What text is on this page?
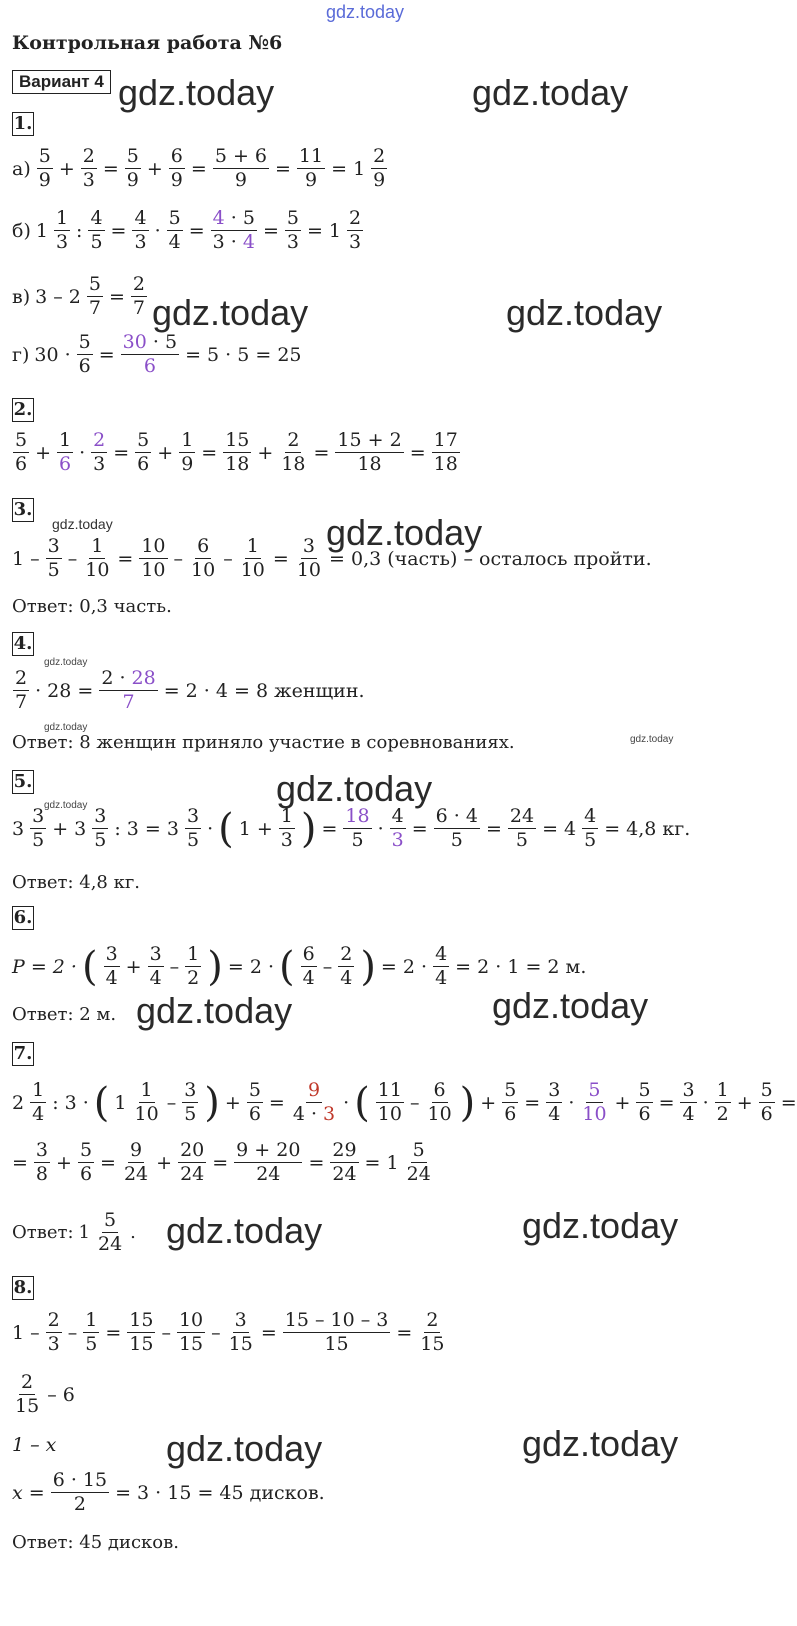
gdz.today
Контрольная работа №6
Вариант 4 gdz.today	gdz.today
gdz.today	gdz.today
gdz.today	gdz.today
gdz.today
gdz.today
gdz.today
gdz.today
gdz.today
gdz.today	gdz.today
gdz.today	gdz.today
gdz.today	gdz.today
1.
$а) \frac{5}{9} + \frac{2}{3} = \frac{5}{9} + \frac{6}{9} = \frac{5 + 6}{9} = \frac{11}{9} = 1 \frac{2}{9}$
б) $1 \frac{1}{3}$ : $\frac{4}{5} = \frac{4}{3} \cdot \frac{5}{4} = \frac{4 \cdot 5}{3 \cdot 4} = \frac{5}{3} = 1 \frac{2}{3}$
в) $3 - 2 \frac{5}{7} = \frac{2}{7}$
г) $30 \cdot \frac{5}{6} = \frac{30 \cdot 5}{6} = 5 \cdot 5 = 25$
2.
$\frac{5}{6} + \frac{1}{6} \cdot \frac{2}{3} = \frac{5}{6} + \frac{1}{9} = \frac{15}{18} + \frac{2}{18} = \frac{15 + 2}{18} = \frac{17}{18}$
3.
$1 - \frac{3}{5} - \frac{1}{10} = \frac{10}{10} - \frac{6}{10} - \frac{1}{10} = \frac{3}{10} = 0,3$ (часть) – осталось пройти.
Ответ: 0,3 часть.
4.
$\frac{2}{7} \cdot 28 = \frac{2 \cdot 28}{7} = 2 \cdot 4 = 8$ женщин.
Ответ: 8 женщин приняло участие в соревнованиях.
5.
$3 \frac{3}{5} + 3 \frac{3}{5}$ : $3 = 3 \frac{3}{5}$ · ( $1 + \frac{1}{3}$ ) = $\frac{18}{5} \cdot \frac{4}{3} = \frac{6 \cdot 4}{5} = \frac{24}{5} = 4 \frac{4}{5} = 4,8$ кг.
Ответ: 4,8 кг.
6.
P = 2 · ( $\frac{3}{4} + \frac{3}{4} - \frac{1}{2}$ ) = 2 · ( $\frac{6}{4} - \frac{2}{4}$ ) = $2 \cdot \frac{4}{4} = 2 \cdot 1 = 2$ м.
Ответ: 2 м.
7.
$2 \frac{1}{4}$ : 3 · ( $1 \frac{1}{10} - \frac{3}{5}$ ) + $\frac{5}{6} = \frac{9}{4 \cdot 3}$ · ( $\frac{11}{10} - \frac{6}{10}$ ) + $\frac{5}{6} = \frac{3}{4} \cdot \frac{5}{10} + \frac{5}{6} = \frac{3}{4} \cdot \frac{1}{2} + \frac{5}{6}$ =
= $\frac{3}{8} + \frac{5}{6} = \frac{9}{24} + \frac{20}{24} = \frac{9 + 20}{24} = \frac{29}{24} = 1 \frac{5}{24}$
Ответ: $1 \frac{5}{24}$ .
8.
$1 - \frac{2}{3} - \frac{1}{5} = \frac{15}{15} - \frac{10}{15} - \frac{3}{15} = \frac{15 - 10 - 3}{15} = \frac{2}{15}$
$\frac{2}{15} - 6$
1 – x
$x = \frac{6 \cdot 15}{2} = 3 \cdot 15 = 45$ дисков.
Ответ: 45 дисков.
